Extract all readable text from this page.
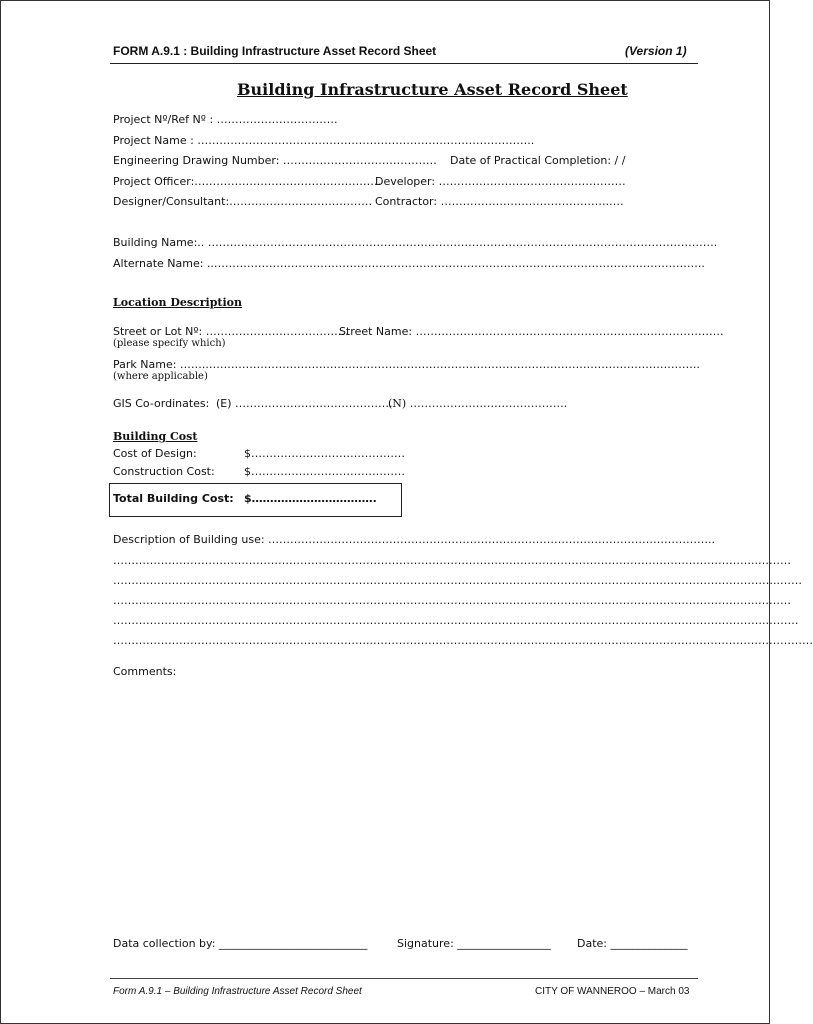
FORM A.9.1 : Building Infrastructure Asset Record Sheet	(Version 1)
Building Infrastructure Asset Record Sheet
Project Nº/Ref Nº : ……………………………
Project Name : ………………………………………………………………………………..
Engineering Drawing Number: …………………………………… Date of Practical Completion: / /
Project Officer:……………………………………………
Developer: ……………………………………………
Designer/Consultant:………………………………… Contractor: ………………………………………..…
Building Name:.. ………………………………………………………………………………………………………………………….
Alternate Name: ..……………………………………………………………………………………………………………………..
Location Description
Street or Lot Nº: …………………………………
(please specify which)
Street Name: …………………………………………………………………………
Park Name: ……..……………………………………………………………………………………………………………………..
(where applicable)
GIS Co-ordinates: (E) …………………………………….
(N) …………………………………….
Building Cost
Cost of Design:	$……………………………………
Construction Cost:	$……………………………………
Total Building Cost: $…………………………….
Description of Building use: …………………………………………………………………………………………………………..
…………………………………………………………………………………………………………………………………………………………..………
………………………………………………………………………………………………………………………………………………………………..……
…………………………………………………………………………………………………………………………………………………………..………
…………………………………………………………………………………………………………………………………………………………….………
……………………………………………………………..…………………………………………………………………………………………………………
Comments:
Data collection by: ___________________________	Signature: _________________ Date: ______________
Form A.9.1 – Building Infrastructure Asset Record Sheet	CITY OF WANNEROO – March 03
